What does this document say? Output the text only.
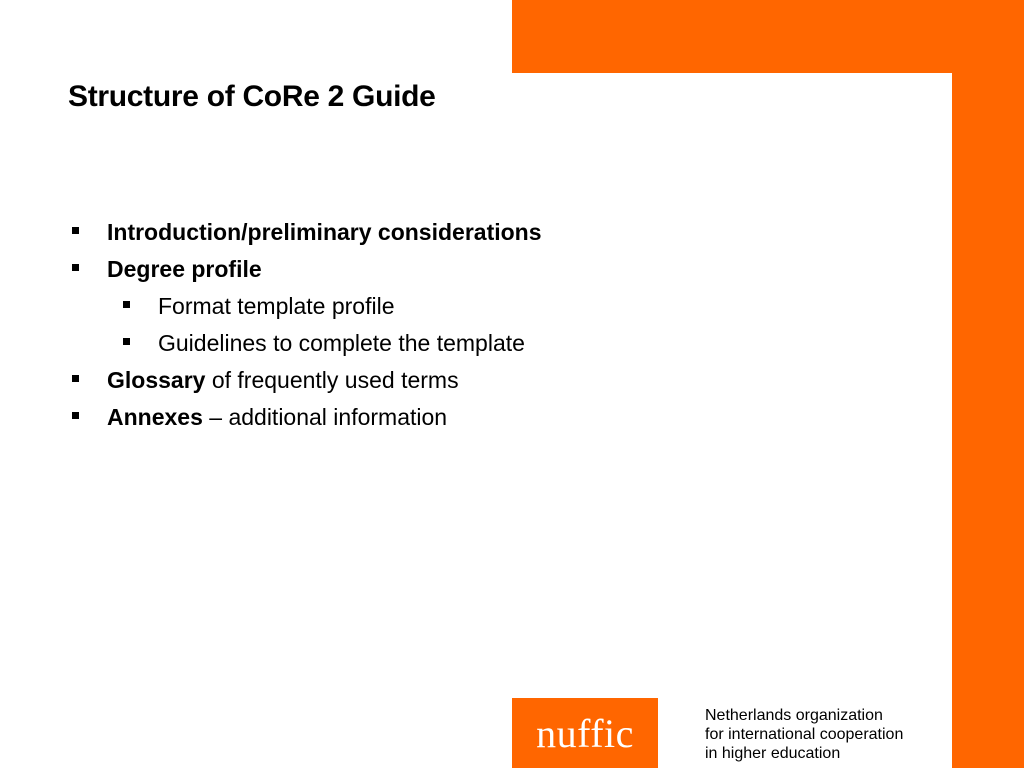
Structure of CoRe 2 Guide
Introduction/preliminary considerations
Degree profile
Format template profile
Guidelines to complete the template
Glossary of frequently used terms
Annexes – additional information
nuffic	Netherlands organization
for international cooperation
in higher education
